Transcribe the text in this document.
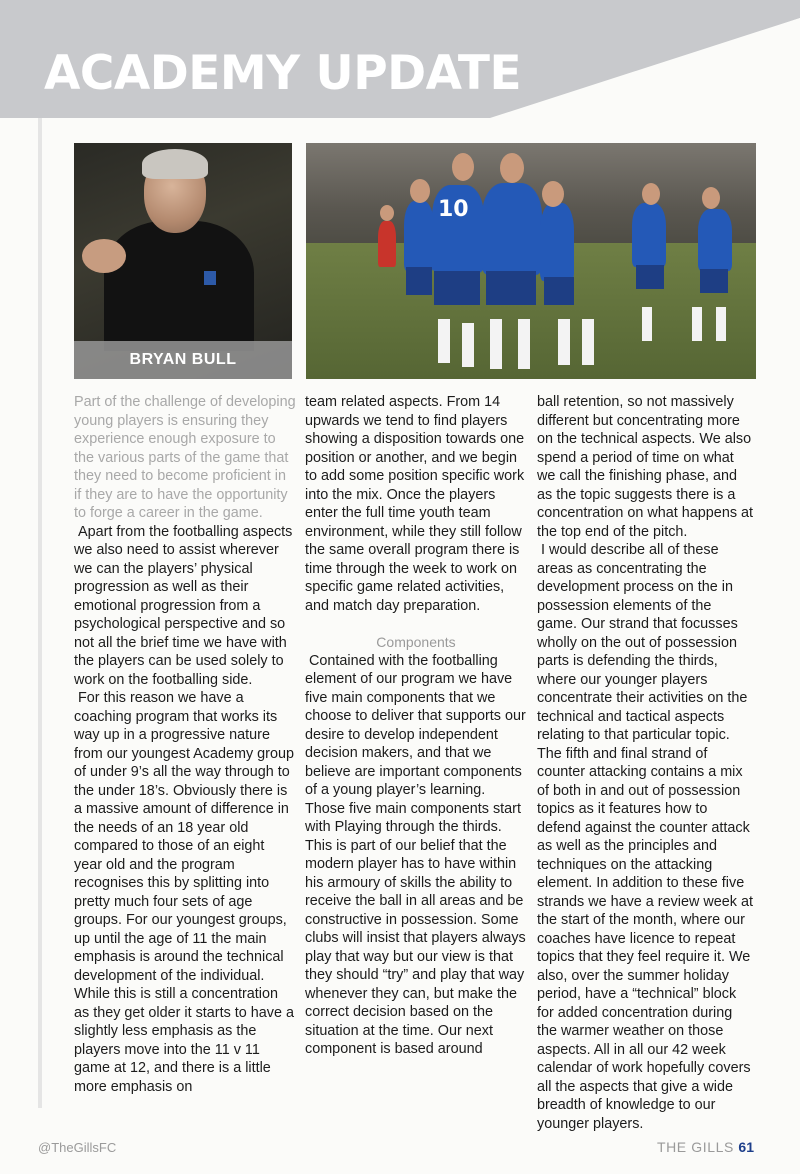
ACADEMY UPDATE
BRYAN BULL
10

Part of the challenge of developing young players is ensuring they experience enough exposure to the various parts of the game that they need to become proficient in if they are to have the opportunity to forge a career in the game.

Apart from the footballing aspects we also need to assist wherever we can the players’ physical progression as well as their emotional progression from a psychological perspective and so not all the brief time we have with the players can be used solely to work on the footballing side.

For this reason we have a coaching program that works its way up in a progressive nature from our youngest Academy group of under 9’s all the way through to the under 18’s. Obviously there is a massive amount of difference in the needs of an 18 year old compared to those of an eight year old and the program recognises this by splitting into pretty much four sets of age groups. For our youngest groups, up until the age of 11 the main emphasis is around the technical development of the individual. While this is still a concentration as they get older it starts to have a slightly less emphasis as the players move into the 11 v 11 game at 12, and there is a little more emphasis on

team related aspects. From 14 upwards we tend to find players showing a disposition towards one position or another, and we begin to add some position specific work into the mix. Once the players enter the full time youth team environment, while they still follow the same overall program there is time through the week to work on specific game related activities, and match day preparation.

Components

Contained with the footballing element of our program we have five main components that we choose to deliver that supports our desire to develop independent decision makers, and that we believe are important components of a young player’s learning. Those five main components start with Playing through the thirds. This is part of our belief that the modern player has to have within his armoury of skills the ability to receive the ball in all areas and be constructive in possession. Some clubs will insist that players always play that way but our view is that they should “try” and play that way whenever they can, but make the correct decision based on the situation at the time. Our next component is based around

ball retention, so not massively different but concentrating more on the technical aspects. We also spend a period of time on what we call the finishing phase, and as the topic suggests there is a concentration on what happens at the top end of the pitch.

I would describe all of these areas as concentrating the development process on the in possession elements of the game. Our strand that focusses wholly on the out of possession parts is defending the thirds, where our younger players concentrate their activities on the technical and tactical aspects relating to that particular topic. The fifth and final strand of counter attacking contains a mix of both in and out of possession topics as it features how to defend against the counter attack as well as the principles and techniques on the attacking element. In addition to these five strands we have a review week at the start of the month, where our coaches have licence to repeat topics that they feel require it. We also, over the summer holiday period, have a “technical” block for added concentration during the warmer weather on those aspects. All in all our 42 week calendar of work hopefully covers all the aspects that give a wide breadth of knowledge to our younger players.

@TheGillsFC	THE GILLS 61
